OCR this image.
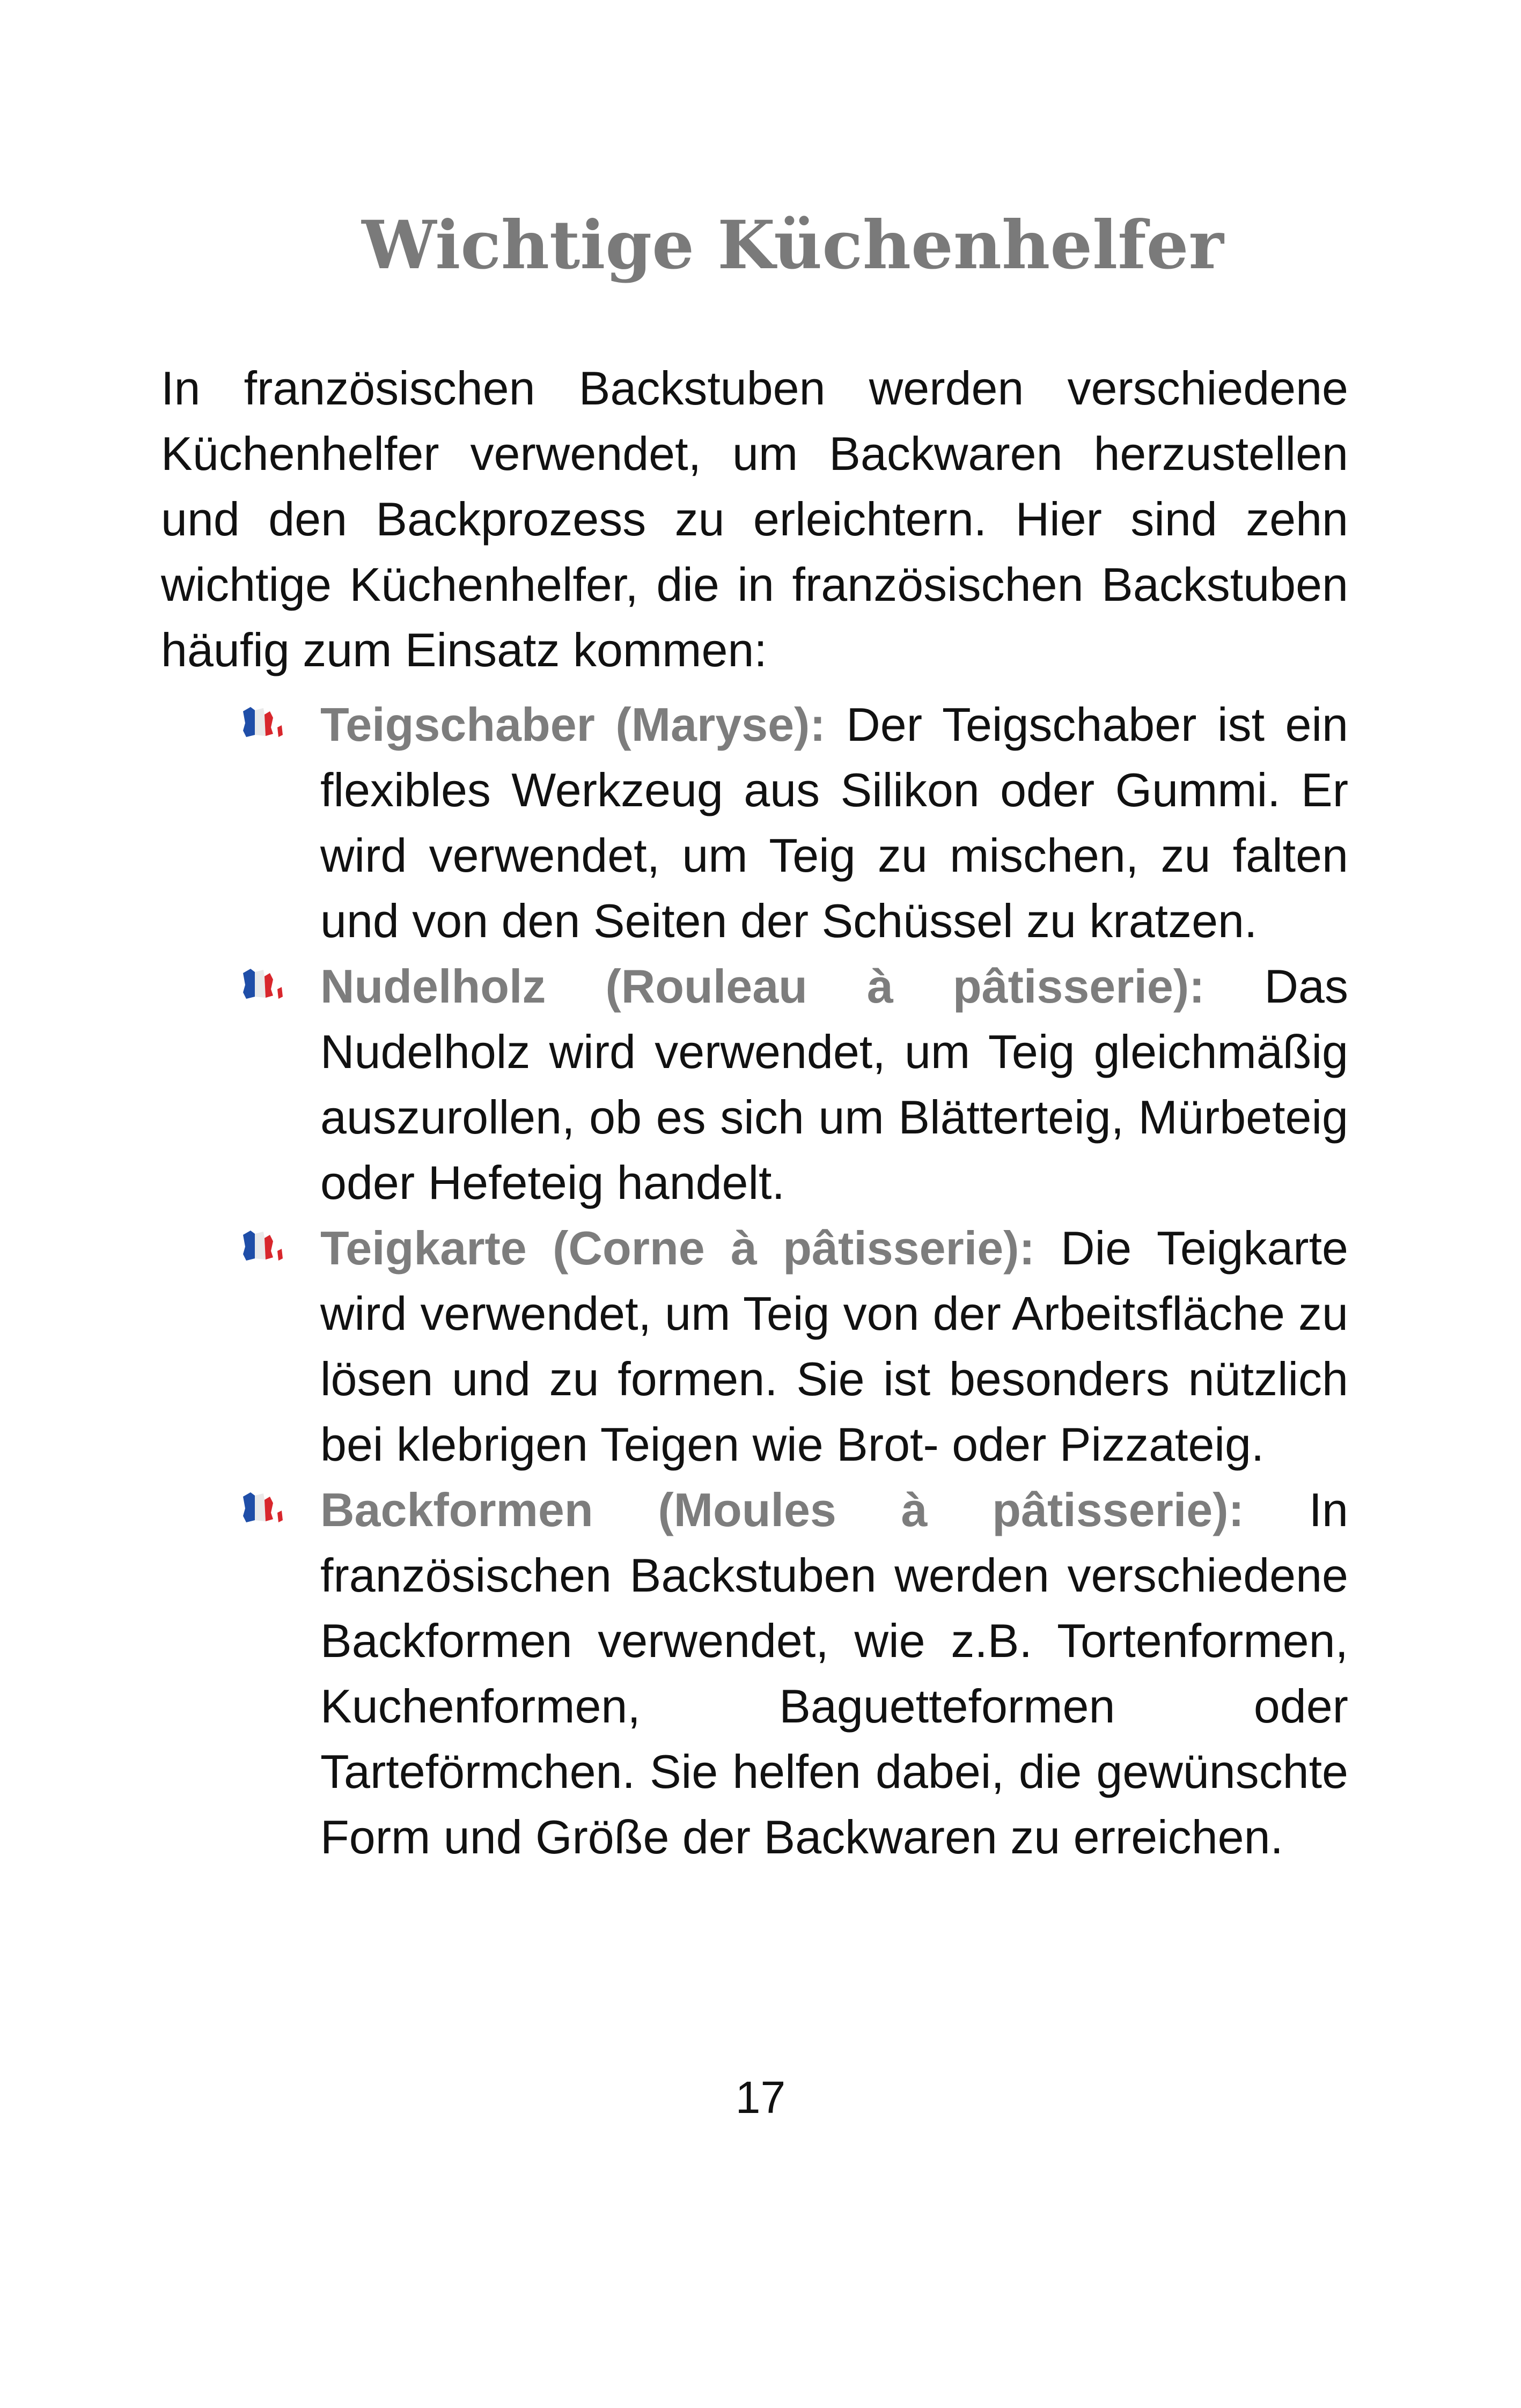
Wichtige Küchenhelfer

In französischen Backstuben werden verschiedene Küchenhelfer verwendet, um Backwaren herzustellen und den Backprozess zu erleichtern. Hier sind zehn wichtige Küchenhelfer, die in französischen Backstuben häufig zum Einsatz kommen:

Teigschaber (Maryse): Der Teigschaber ist ein flexibles Werkzeug aus Silikon oder Gummi. Er wird verwendet, um Teig zu mischen, zu falten und von den Seiten der Schüssel zu kratzen.
Nudelholz (Rouleau à pâtisserie): Das Nudelholz wird verwendet, um Teig gleichmäßig auszurollen, ob es sich um Blätterteig, Mürbeteig oder Hefeteig handelt.
Teigkarte (Corne à pâtisserie): Die Teigkarte wird verwendet, um Teig von der Arbeitsfläche zu lösen und zu formen. Sie ist besonders nützlich bei klebrigen Teigen wie Brot- oder Pizzateig.
Backformen (Moules à pâtisserie): In französischen Backstuben werden verschiedene Backformen verwendet, wie z.B. Tortenformen, Kuchenformen, Baguetteformen oder Tarteförmchen. Sie helfen dabei, die gewünschte Form und Größe der Backwaren zu erreichen.
17
